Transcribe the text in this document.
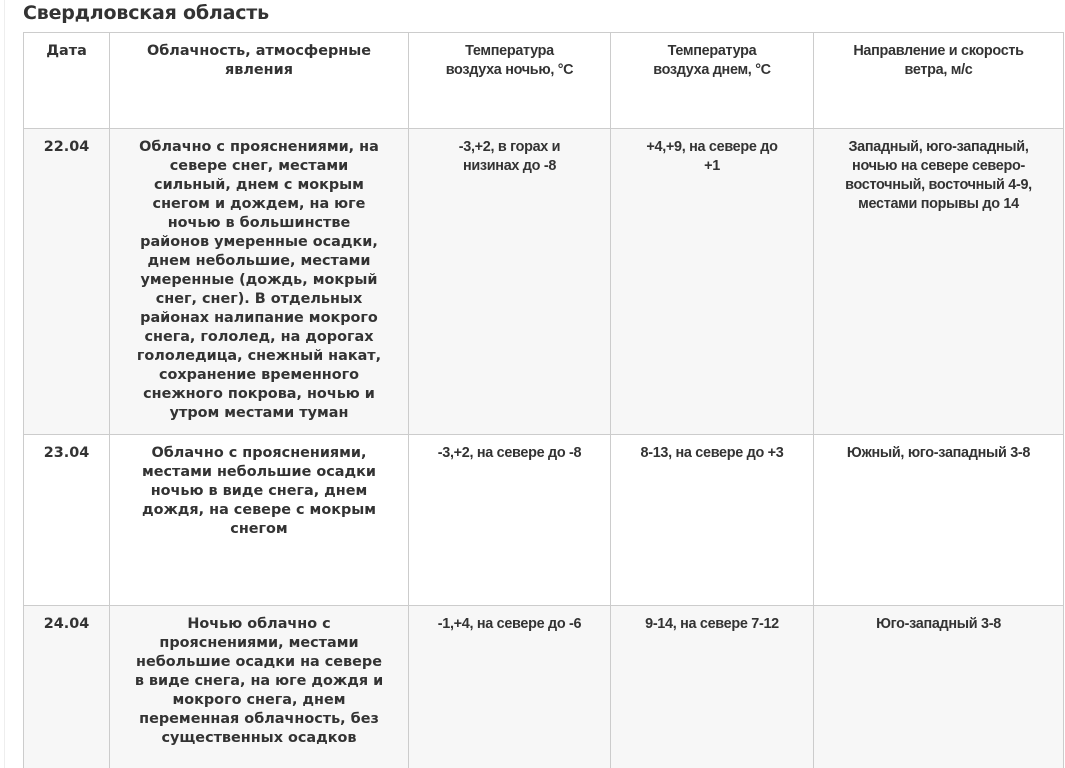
Свердловская область
Дата	Облачность, атмосферные явления	Температура воздуха ночью, °С	Температура воздуха днем, °С	Направление и скорость ветра, м/с
22.04	Облачно с прояснениями, на севере снег, местами сильный, днем с мокрым снегом и дождем, на юге ночью в большинстве районов умеренные осадки, днем небольшие, местами умеренные (дождь, мокрый снег, снег). В отдельных районах налипание мокрого снега, гололед, на дорогах гололедица, снежный накат, сохранение временного снежного покрова, ночью и утром местами туман	-3,+2, в горах и низинах до -8	+4,+9, на севере до +1	Западный, юго-западный, ночью на севере северо-восточный, восточный 4-9, местами порывы до 14
23.04	Облачно с прояснениями, местами небольшие осадки ночью в виде снега, днем дождя, на севере с мокрым снегом	-3,+2, на севере до -8	8-13, на севере до +3	Южный, юго-западный 3-8
24.04	Ночью облачно с прояснениями, местами небольшие осадки на севере в виде снега, на юге дождя и мокрого снега, днем переменная облачность, без существенных осадков	-1,+4, на севере до -6	9-14, на севере 7-12	Юго-западный 3-8
